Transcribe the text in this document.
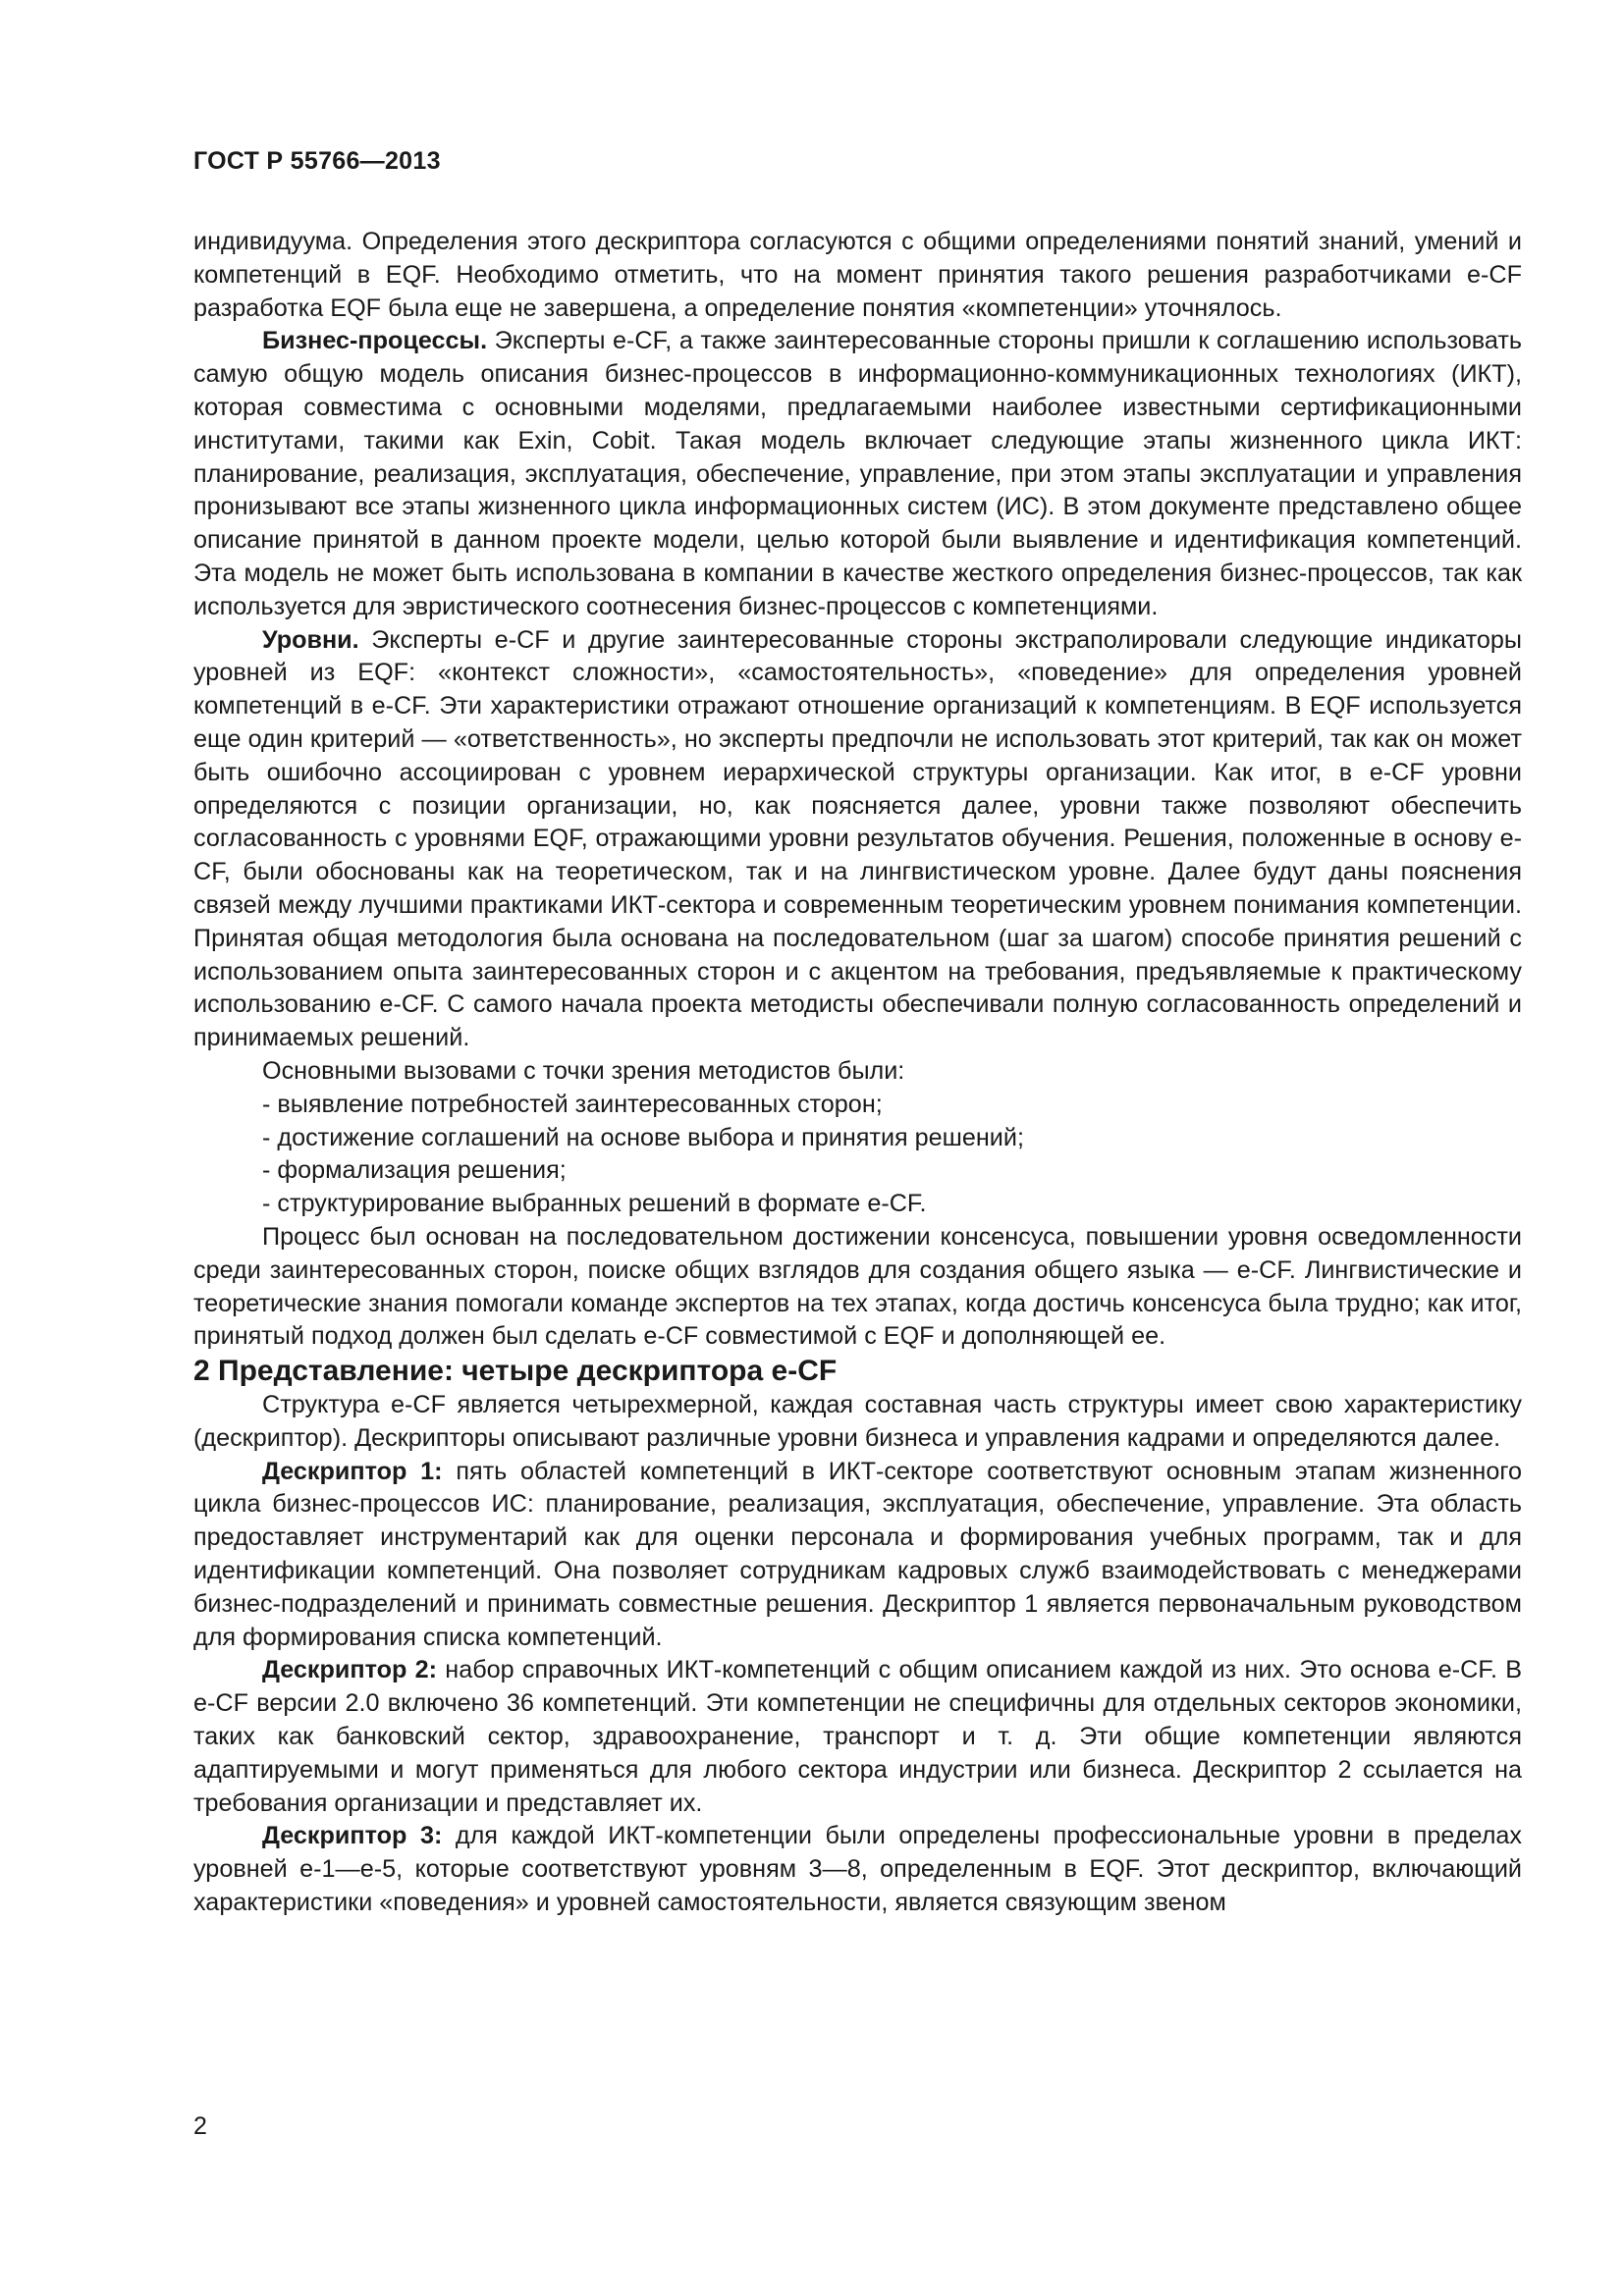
ГОСТ Р 55766—2013

индивидуума. Определения этого дескриптора согласуются с общими определениями понятий знаний, умений и компетенций в EQF. Необходимо отметить, что на момент принятия такого решения разработчиками e-CF разработка EQF была еще не завершена, а определение понятия «компетенции» уточнялось.

Бизнес-процессы. Эксперты e-CF, а также заинтересованные стороны пришли к соглашению использовать самую общую модель описания бизнес-процессов в информационно-коммуникационных технологиях (ИКТ), которая совместима с основными моделями, предлагаемыми наиболее известными сертификационными институтами, такими как Exin, Cobit. Такая модель включает следующие этапы жизненного цикла ИКТ: планирование, реализация, эксплуатация, обеспечение, управление, при этом этапы эксплуатации и управления пронизывают все этапы жизненного цикла информационных систем (ИС). В этом документе представлено общее описание принятой в данном проекте модели, целью которой были выявление и идентификация компетенций. Эта модель не может быть использована в компании в качестве жесткого определения бизнес-процессов, так как используется для эвристического соотнесения бизнес-процессов с компетенциями.

Уровни. Эксперты e-CF и другие заинтересованные стороны экстраполировали следующие индикаторы уровней из EQF: «контекст сложности», «самостоятельность», «поведение» для определения уровней компетенций в e-CF. Эти характеристики отражают отношение организаций к компетенциям. В EQF используется еще один критерий — «ответственность», но эксперты предпочли не использовать этот критерий, так как он может быть ошибочно ассоциирован с уровнем иерархической структуры организации. Как итог, в e-CF уровни определяются с позиции организации, но, как поясняется далее, уровни также позволяют обеспечить согласованность с уровнями EQF, отражающими уровни результатов обучения. Решения, положенные в основу e-CF, были обоснованы как на теоретическом, так и на лингвистическом уровне. Далее будут даны пояснения связей между лучшими практиками ИКТ-сектора и современным теоретическим уровнем понимания компетенции. Принятая общая методология была основана на последовательном (шаг за шагом) способе принятия решений с использованием опыта заинтересованных сторон и с акцентом на требования, предъявляемые к практическому использованию e-CF. С самого начала проекта методисты обеспечивали полную согласованность определений и принимаемых решений.

Основными вызовами с точки зрения методистов были:

- выявление потребностей заинтересованных сторон;
- достижение соглашений на основе выбора и принятия решений;
- формализация решения;
- структурирование выбранных решений в формате e-CF.

Процесс был основан на последовательном достижении консенсуса, повышении уровня осведомленности среди заинтересованных сторон, поиске общих взглядов для создания общего языка — e-CF. Лингвистические и теоретические знания помогали команде экспертов на тех этапах, когда достичь консенсуса была трудно; как итог, принятый подход должен был сделать e-CF совместимой с EQF и дополняющей ее.

2 Представление: четыре дескриптора e-CF

Структура e-CF является четырехмерной, каждая составная часть структуры имеет свою характеристику (дескриптор). Дескрипторы описывают различные уровни бизнеса и управления кадрами и определяются далее.

Дескриптор 1: пять областей компетенций в ИКТ-секторе соответствуют основным этапам жизненного цикла бизнес-процессов ИС: планирование, реализация, эксплуатация, обеспечение, управление. Эта область предоставляет инструментарий как для оценки персонала и формирования учебных программ, так и для идентификации компетенций. Она позволяет сотрудникам кадровых служб взаимодействовать с менеджерами бизнес-подразделений и принимать совместные решения. Дескриптор 1 является первоначальным руководством для формирования списка компетенций.

Дескриптор 2: набор справочных ИКТ-компетенций с общим описанием каждой из них. Это основа e-CF. В e-CF версии 2.0 включено 36 компетенций. Эти компетенции не специфичны для отдельных секторов экономики, таких как банковский сектор, здравоохранение, транспорт и т. д. Эти общие компетенции являются адаптируемыми и могут применяться для любого сектора индустрии или бизнеса. Дескриптор 2 ссылается на требования организации и представляет их.

Дескриптор 3: для каждой ИКТ-компетенции были определены профессиональные уровни в пределах уровней e-1—e-5, которые соответствуют уровням 3—8, определенным в EQF. Этот дескриптор, включающий характеристики «поведения» и уровней самостоятельности, является связующим звеном

2
